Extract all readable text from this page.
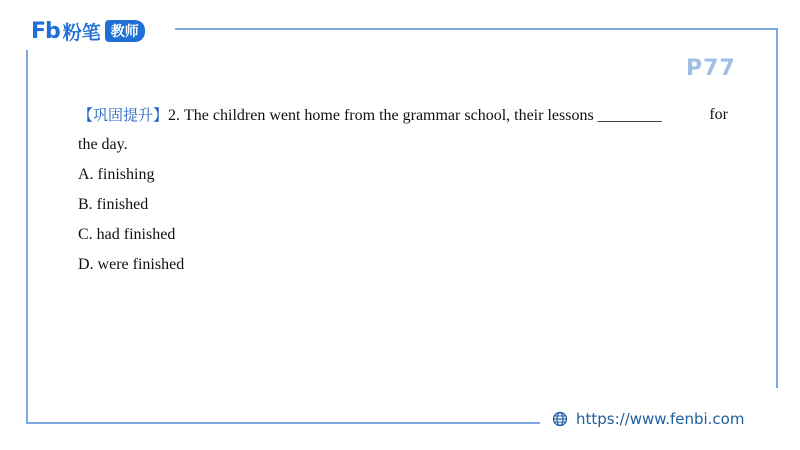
Fb 粉笔 教师
P77
【巩固提升】2. The children went home from the grammar school, their lessons ________	for
the day.
A. finishing
B. finished
C. had finished
D. were finished
https://www.fenbi.com
